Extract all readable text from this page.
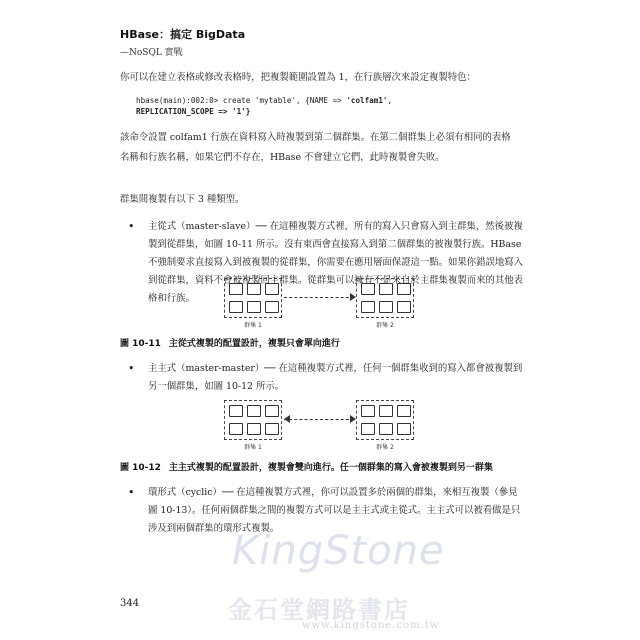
HBase：搞定 BigData
—NoSQL 實戰
你可以在建立表格或修改表格時，把複製範圍設置為 1，在行族層次來設定複製特色：
hbase(main):002:0> create 'mytable', {NAME => 'colfam1',
REPLICATION_SCOPE => '1'}
該命令設置 colfam1 行族在資料寫入時複製到第二個群集。在第二個群集上必須有相同的表格名稱和行族名稱，如果它們不存在，HBase 不會建立它們，此時複製會失敗。
群集間複製有以下 3 種類型。
• 主從式（master-slave）── 在這種複製方式裡，所有的寫入只會寫入到主群集，然後被複製到從群集，如圖 10-11 所示。沒有東西會直接寫入到第二個群集的被複製行族。HBase 不強制要求直接寫入到被複製的從群集，你需要在應用層面保證這一點。如果你錯誤地寫入到從群集，資料不會被複製回主群集。從群集可以擁有不是來自於主群集複製而來的其他表格和行族。
群集 1	群集 2
圖 10-11 主從式複製的配置設計，複製只會單向進行
• 主主式（master-master）── 在這種複製方式裡，任何一個群集收到的寫入都會被複製到另一個群集，如圖 10-12 所示。
群集 1	群集 2
圖 10-12 主主式複製的配置設計，複製會雙向進行。任一個群集的寫入會被複製到另一群集
• 環形式（cyclic）── 在這種複製方式裡，你可以設置多於兩個的群集，來相互複製（參見圖 10-13）。任何兩個群集之間的複製方式可以是主主式或主從式。主主式可以被看做是只涉及到兩個群集的環形式複製。
KingStone
344	金石堂網路書店
www.kingstone.com.tw
